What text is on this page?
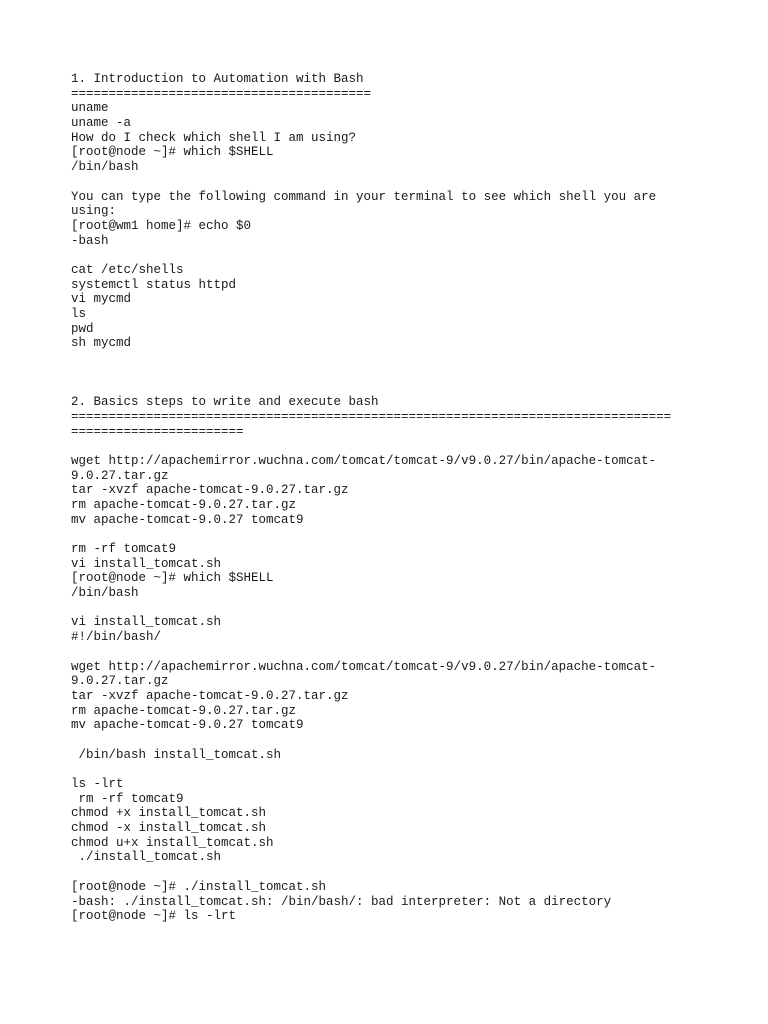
1. Introduction to Automation with Bash
========================================
uname
uname -a
How do I check which shell I am using?
[root@node ~]# which $SHELL
/bin/bash
You can type the following command in your terminal to see which shell you are
using:
[root@wm1 home]# echo $0
-bash
cat /etc/shells
systemctl status httpd
vi mycmd
ls
pwd
sh mycmd
2. Basics steps to write and execute bash
================================================================================
=======================
wget http://apachemirror.wuchna.com/tomcat/tomcat-9/v9.0.27/bin/apache-tomcat-
9.0.27.tar.gz
tar -xvzf apache-tomcat-9.0.27.tar.gz
rm apache-tomcat-9.0.27.tar.gz
mv apache-tomcat-9.0.27 tomcat9
rm -rf tomcat9
vi install_tomcat.sh
[root@node ~]# which $SHELL
/bin/bash
vi install_tomcat.sh
#!/bin/bash/
wget http://apachemirror.wuchna.com/tomcat/tomcat-9/v9.0.27/bin/apache-tomcat-
9.0.27.tar.gz
tar -xvzf apache-tomcat-9.0.27.tar.gz
rm apache-tomcat-9.0.27.tar.gz
mv apache-tomcat-9.0.27 tomcat9
/bin/bash install_tomcat.sh
ls -lrt
rm -rf tomcat9
chmod +x install_tomcat.sh
chmod -x install_tomcat.sh
chmod u+x install_tomcat.sh
./install_tomcat.sh
[root@node ~]# ./install_tomcat.sh
-bash: ./install_tomcat.sh: /bin/bash/: bad interpreter: Not a directory
[root@node ~]# ls -lrt
